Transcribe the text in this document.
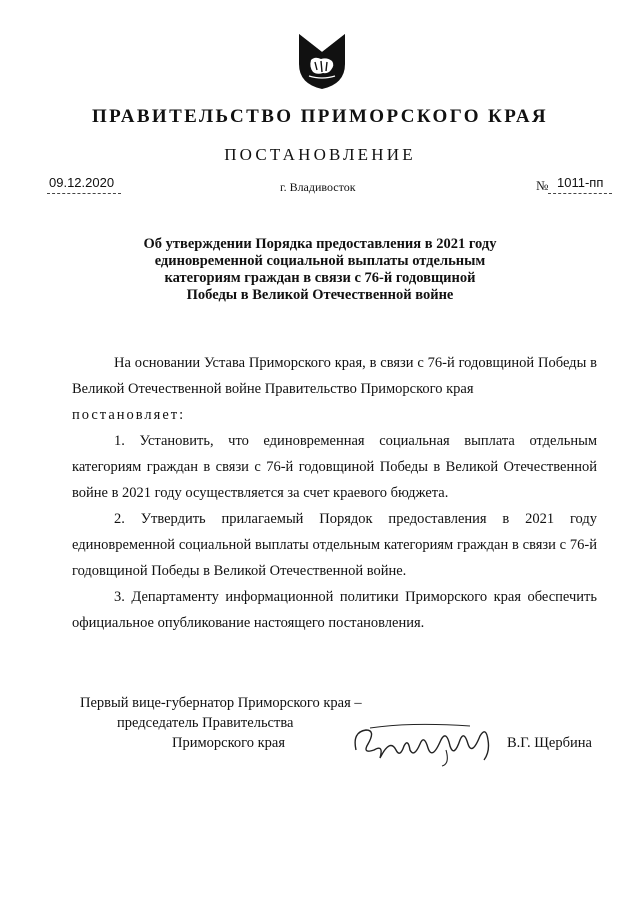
ПРАВИТЕЛЬСТВО ПРИМОРСКОГО КРАЯ
ПОСТАНОВЛЕНИЕ
09.12.2020	г. Владивосток	№ 1011-пп
Об утверждении Порядка предоставления в 2021 году
единовременной социальной выплаты отдельным
категориям граждан в связи с 76-й годовщиной
Победы в Великой Отечественной войне

На основании Устава Приморского края, в связи с 76-й годовщиной Победы в Великой Отечественной войне Правительство Приморского края

постановляет:

1. Установить, что единовременная социальная выплата отдельным категориям граждан в связи с 76-й годовщиной Победы в Великой Отечественной войне в 2021 году осуществляется за счет краевого бюджета.

2. Утвердить прилагаемый Порядок предоставления в 2021 году единовременной социальной выплаты отдельным категориям граждан в связи с 76-й годовщиной Победы в Великой Отечественной войне.

3. Департаменту информационной политики Приморского края обеспечить официальное опубликование настоящего постановления.

Первый вице-губернатор Приморского края –
председатель Правительства
Приморского края	В.Г. Щербина
